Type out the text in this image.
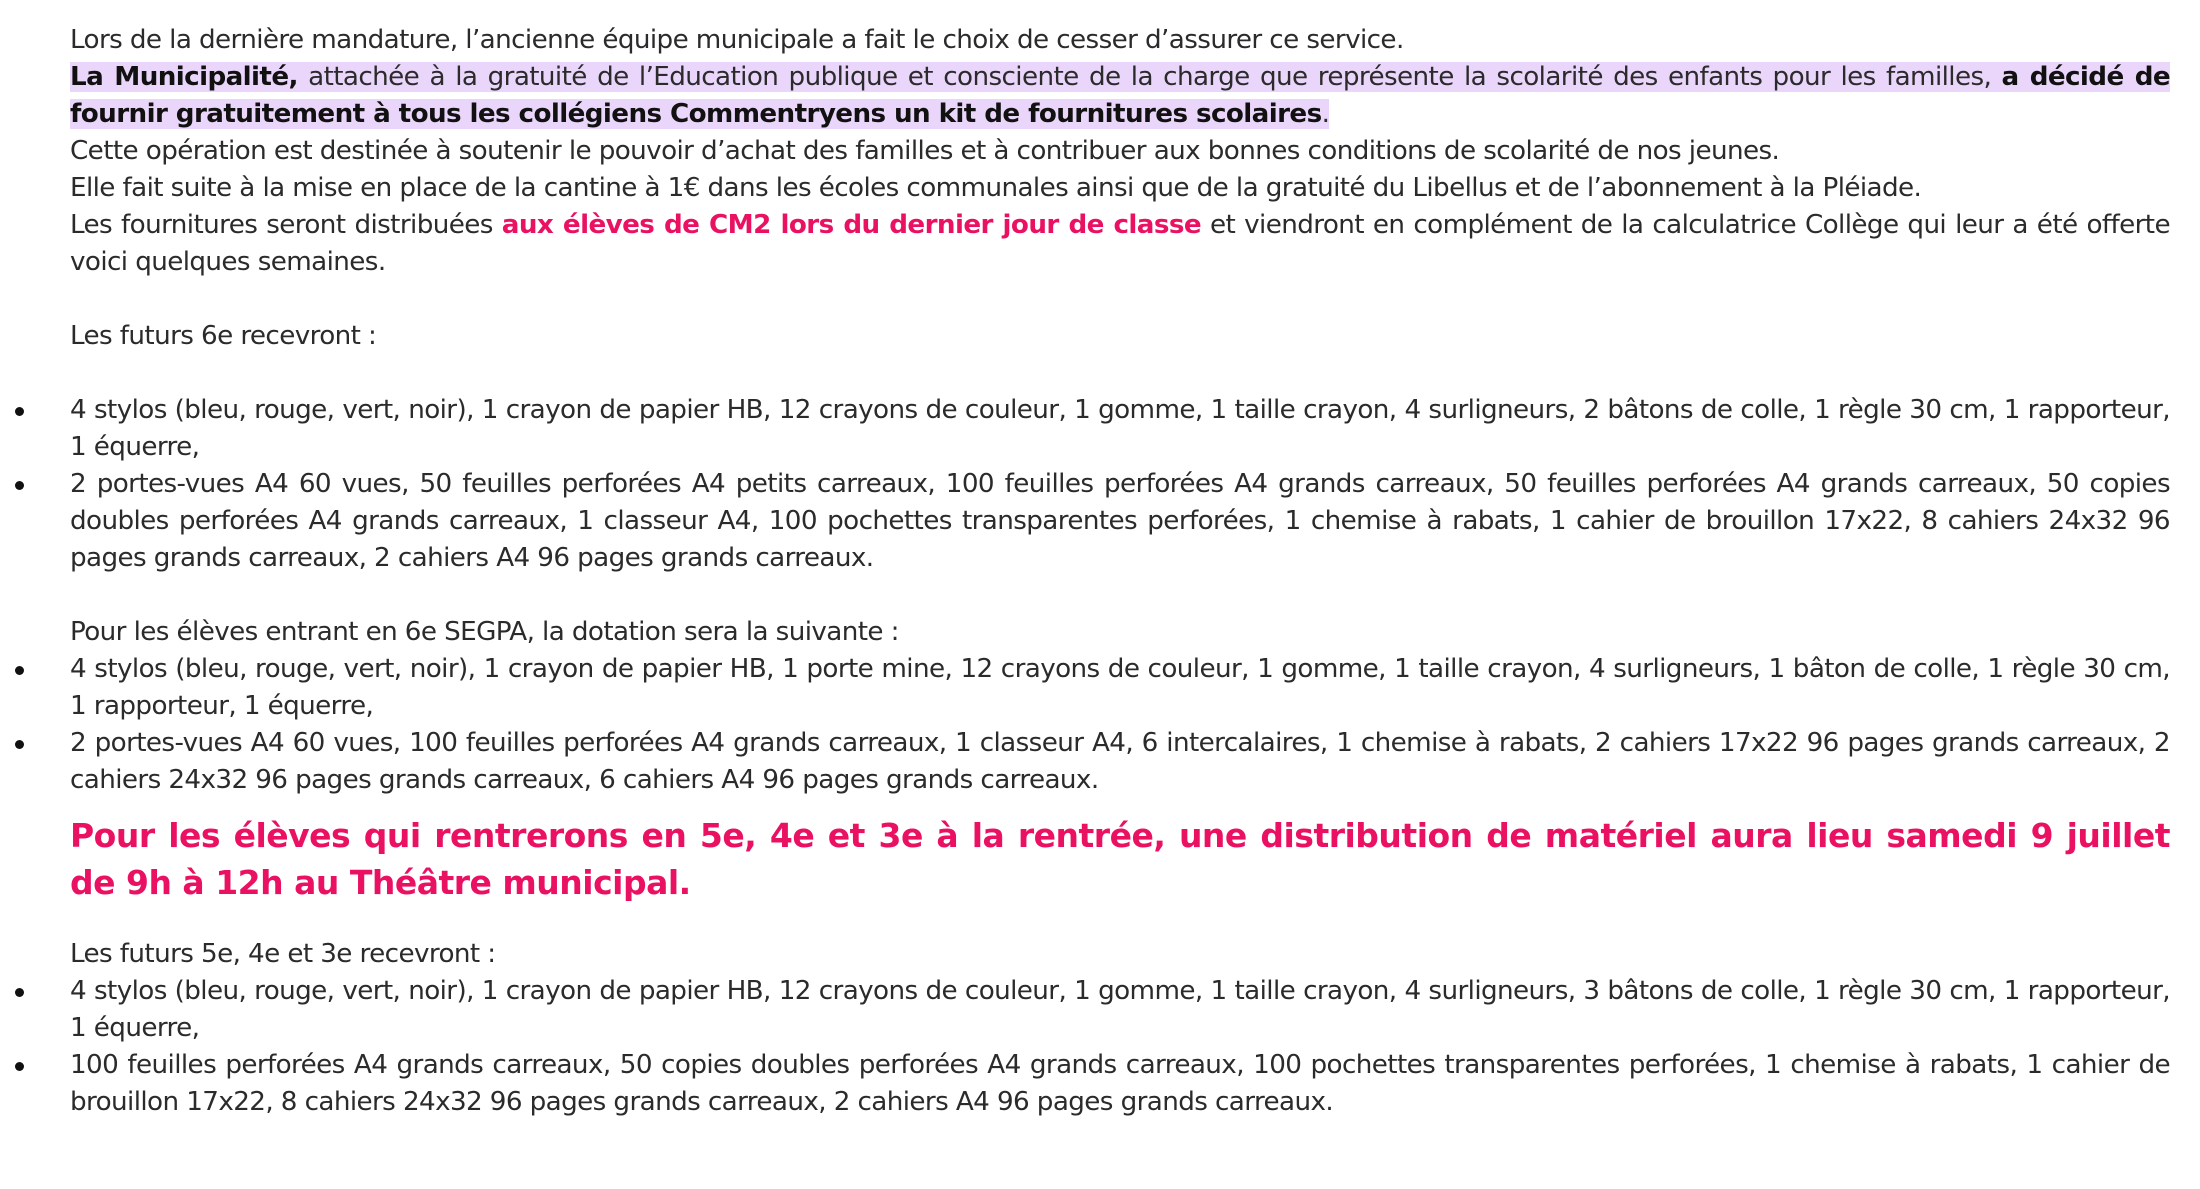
Lors de la dernière mandature, l’ancienne équipe municipale a fait le choix de cesser d’assurer ce service.

La Municipalité, attachée à la gratuité de l’Education publique et consciente de la charge que représente la scolarité des enfants pour les familles, a décidé de fournir gratuitement à tous les collégiens Commentryens un kit de fournitures scolaires.

Cette opération est destinée à soutenir le pouvoir d’achat des familles et à contribuer aux bonnes conditions de scolarité de nos jeunes.

Elle fait suite à la mise en place de la cantine à 1€ dans les écoles communales ainsi que de la gratuité du Libellus et de l’abonnement à la Pléiade.

Les fournitures seront distribuées aux élèves de CM2 lors du dernier jour de classe et viendront en complément de la calculatrice Collège qui leur a été offerte voici quelques semaines.

Les futurs 6e recevront :

4 stylos (bleu, rouge, vert, noir), 1 crayon de papier HB, 12 crayons de couleur, 1 gomme, 1 taille crayon, 4 surligneurs, 2 bâtons de colle, 1 règle 30 cm, 1 rapporteur, 1 équerre,
2 portes-vues A4 60 vues, 50 feuilles perforées A4 petits carreaux, 100 feuilles perforées A4 grands carreaux, 50 feuilles perforées A4 grands carreaux, 50 copies doubles perforées A4 grands carreaux, 1 classeur A4, 100 pochettes transparentes perforées, 1 chemise à rabats, 1 cahier de brouillon 17x22, 8 cahiers 24x32 96 pages grands carreaux, 2 cahiers A4 96 pages grands carreaux.

Pour les élèves entrant en 6e SEGPA, la dotation sera la suivante :

4 stylos (bleu, rouge, vert, noir), 1 crayon de papier HB, 1 porte mine, 12 crayons de couleur, 1 gomme, 1 taille crayon, 4 surligneurs, 1 bâton de colle, 1 règle 30 cm, 1 rapporteur, 1 équerre,
2 portes-vues A4 60 vues, 100 feuilles perforées A4 grands carreaux, 1 classeur A4, 6 intercalaires, 1 chemise à rabats, 2 cahiers 17x22 96 pages grands carreaux, 2 cahiers 24x32 96 pages grands carreaux, 6 cahiers A4 96 pages grands carreaux.

Pour les élèves qui rentrerons en 5e, 4e et 3e à la rentrée, une distribution de matériel aura lieu samedi 9 juillet de 9h à 12h au Théâtre municipal.

Les futurs 5e, 4e et 3e recevront :

4 stylos (bleu, rouge, vert, noir), 1 crayon de papier HB, 12 crayons de couleur, 1 gomme, 1 taille crayon, 4 surligneurs, 3 bâtons de colle, 1 règle 30 cm, 1 rapporteur, 1 équerre,
100 feuilles perforées A4 grands carreaux, 50 copies doubles perforées A4 grands carreaux, 100 pochettes transparentes perforées, 1 chemise à rabats, 1 cahier de brouillon 17x22, 8 cahiers 24x32 96 pages grands carreaux, 2 cahiers A4 96 pages grands carreaux.
